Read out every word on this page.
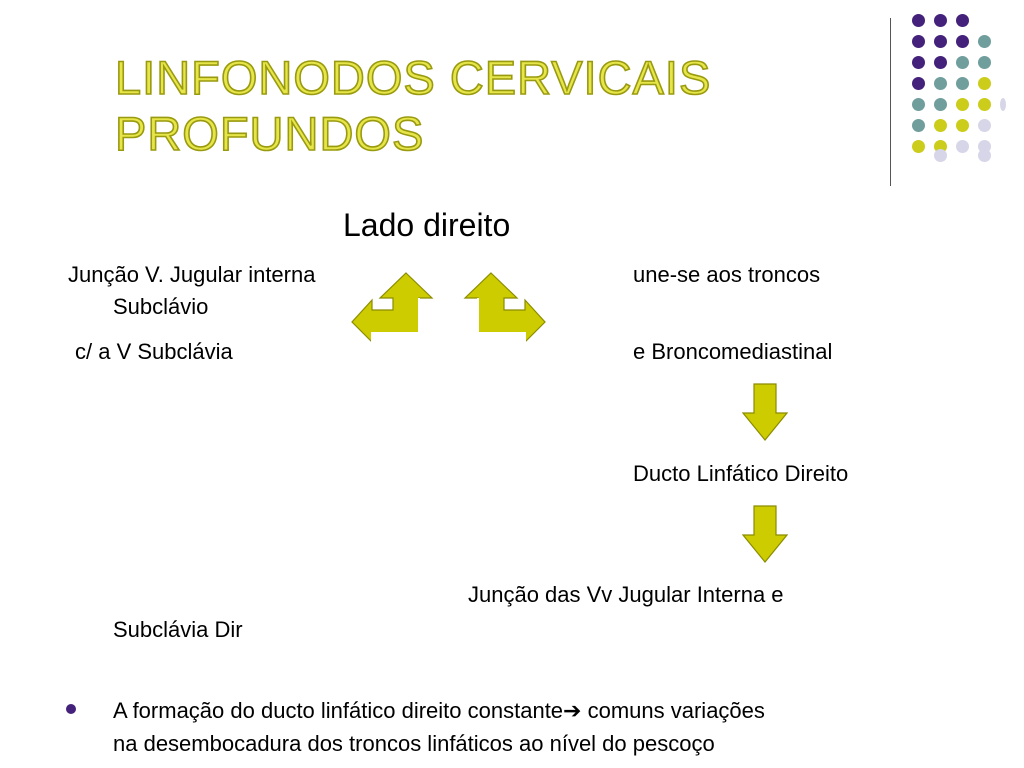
LINFONODOS CERVICAIS
PROFUNDOS
Lado direito
Junção V. Jugular interna
Subclávio
c/ a V Subclávia
une-se aos troncos
e Broncomediastinal
Ducto Linfático Direito
Junção das Vv Jugular Interna e
Subclávia Dir
A formação do ducto linfático direito constante➔ comuns variações
na desembocadura dos troncos linfáticos ao nível do pescoço
